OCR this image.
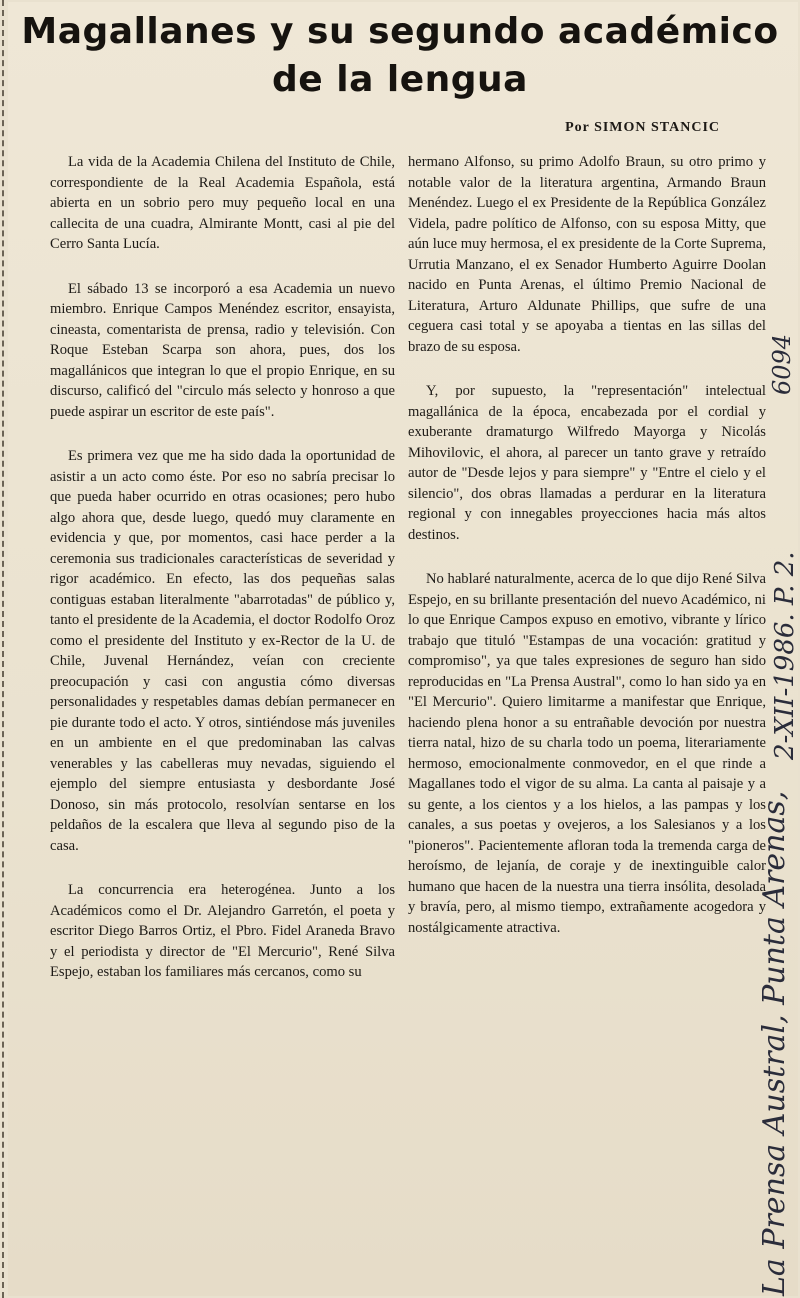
Magallanes y su segundo académico
de la lengua
Por SIMON STANCIC

La vida de la Academia Chilena del Instituto de Chile, correspondiente de la Real Academia Española, está abierta en un sobrio pero muy pequeño local en una callecita de una cuadra, Almirante Montt, casi al pie del Cerro Santa Lucía.

El sábado 13 se incorporó a esa Academia un nuevo miembro. Enrique Campos Menéndez escritor, ensayista, cineasta, comentarista de prensa, radio y televisión. Con Roque Esteban Scarpa son ahora, pues, dos los magallánicos que integran lo que el propio Enrique, en su discurso, calificó del "circulo más selecto y honroso a que puede aspirar un escritor de este país".

Es primera vez que me ha sido dada la oportunidad de asistir a un acto como éste. Por eso no sabría precisar lo que pueda haber ocurrido en otras ocasiones; pero hubo algo ahora que, desde luego, quedó muy claramente en evidencia y que, por momentos, casi hace perder a la ceremonia sus tradicionales características de severidad y rigor académico. En efecto, las dos pequeñas salas contiguas estaban literalmente "abarrotadas" de público y, tanto el presidente de la Academia, el doctor Rodolfo Oroz como el presidente del Instituto y ex-Rector de la U. de Chile, Juvenal Hernández, veían con creciente preocupación y casi con angustia cómo diversas personalidades y respetables damas debían permanecer en pie durante todo el acto. Y otros, sintiéndose más juveniles en un ambiente en el que predominaban las calvas venerables y las cabelleras muy nevadas, siguiendo el ejemplo del siempre entusiasta y desbordante José Donoso, sin más protocolo, resolvían sentarse en los peldaños de la escalera que lleva al segundo piso de la casa.

La concurrencia era heterogénea. Junto a los Académicos como el Dr. Alejandro Garretón, el poeta y escritor Diego Barros Ortiz, el Pbro. Fidel Araneda Bravo y el periodista y director de "El Mercurio", René Silva Espejo, estaban los familiares más cercanos, como su

hermano Alfonso, su primo Adolfo Braun, su otro primo y notable valor de la literatura argentina, Armando Braun Menéndez. Luego el ex Presidente de la República González Videla, padre político de Alfonso, con su esposa Mitty, que aún luce muy hermosa, el ex presidente de la Corte Suprema, Urrutia Manzano, el ex Senador Humberto Aguirre Doolan nacido en Punta Arenas, el último Premio Nacional de Literatura, Arturo Aldunate Phillips, que sufre de una ceguera casi total y se apoyaba a tientas en las sillas del brazo de su esposa.

Y, por supuesto, la "representación" intelectual magallánica de la época, encabezada por el cordial y exuberante dramaturgo Wilfredo Mayorga y Nicolás Mihovilovic, el ahora, al parecer un tanto grave y retraído autor de "Desde lejos y para siempre" y "Entre el cielo y el silencio", dos obras llamadas a perdurar en la literatura regional y con innegables proyecciones hacia más altos destinos.

No hablaré naturalmente, acerca de lo que dijo René Silva Espejo, en su brillante presentación del nuevo Académico, ni lo que Enrique Campos expuso en emotivo, vibrante y lírico trabajo que tituló "Estampas de una vocación: gratitud y compromiso", ya que tales expresiones de seguro han sido reproducidas en "La Prensa Austral", como lo han sido ya en "El Mercurio". Quiero limitarme a manifestar que Enrique, haciendo plena honor a su entrañable devoción por nuestra tierra natal, hizo de su charla todo un poema, literariamente hermoso, emocionalmente conmovedor, en el que rinde a Magallanes todo el vigor de su alma. La canta al paisaje y a su gente, a los cientos y a los hielos, a las pampas y los canales, a sus poetas y ovejeros, a los Salesianos y a los "pioneros". Pacientemente afloran toda la tremenda carga de heroísmo, de lejanía, de coraje y de inextinguible calor humano que hacen de la nuestra una tierra insólita, desolada y bravía, pero, al mismo tiempo, extrañamente acogedora y nostálgicamente atractiva.	La Prensa Austral, Punta Arenas,
2-XII-1986. P. 2.
6094
